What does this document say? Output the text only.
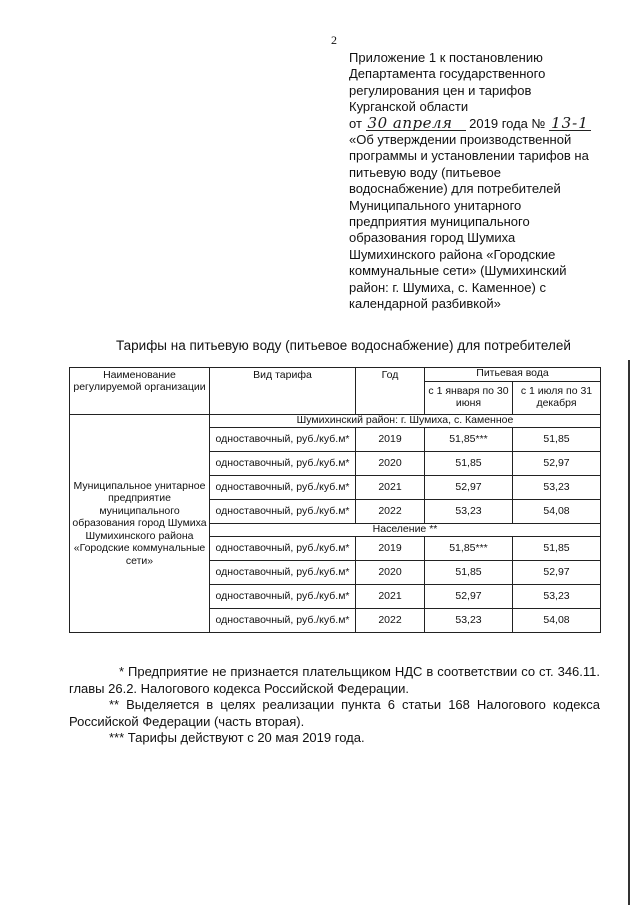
2
Приложение 1 к постановлению
Департамента государственного
регулирования цен и тарифов
Курганской области
от 30 апреля 2019 года № 13-1
«Об утверждении производственной
программы и установлении тарифов на
питьевую воду (питьевое
водоснабжение) для потребителей
Муниципального унитарного
предприятия муниципального
образования город Шумиха
Шумихинского района «Городские
коммунальные сети» (Шумихинский
район: г. Шумиха, с. Каменное) с
календарной разбивкой»
Тарифы на питьевую воду (питьевое водоснабжение) для потребителей
Наименование регулируемой организации	Вид тарифа	Год	Питьевая вода	
			с 1 января по 30 июня	с 1 июля по 31 декабря
Муниципальное унитарное предприятие муниципального образования город Шумиха Шумихинского района «Городские коммунальные сети»	Шумихинский район: г. Шумиха, с. Каменное			
	одноставочный, руб./куб.м*	2019	51,85***	51,85
	одноставочный, руб./куб.м*	2020	51,85	52,97
	одноставочный, руб./куб.м*	2021	52,97	53,23
	одноставочный, руб./куб.м*	2022	53,23	54,08
	Население **			
	одноставочный, руб./куб.м*	2019	51,85***	51,85
	одноставочный, руб./куб.м*	2020	51,85	52,97
	одноставочный, руб./куб.м*	2021	52,97	53,23
	одноставочный, руб./куб.м*	2022	53,23	54,08

* Предприятие не признается плательщиком НДС в соответствии со ст. 346.11. главы 26.2. Налогового кодекса Российской Федерации.

** Выделяется в целях реализации пункта 6 статьи 168 Налогового кодекса Российской Федерации (часть вторая).

*** Тарифы действуют с 20 мая 2019 года.
